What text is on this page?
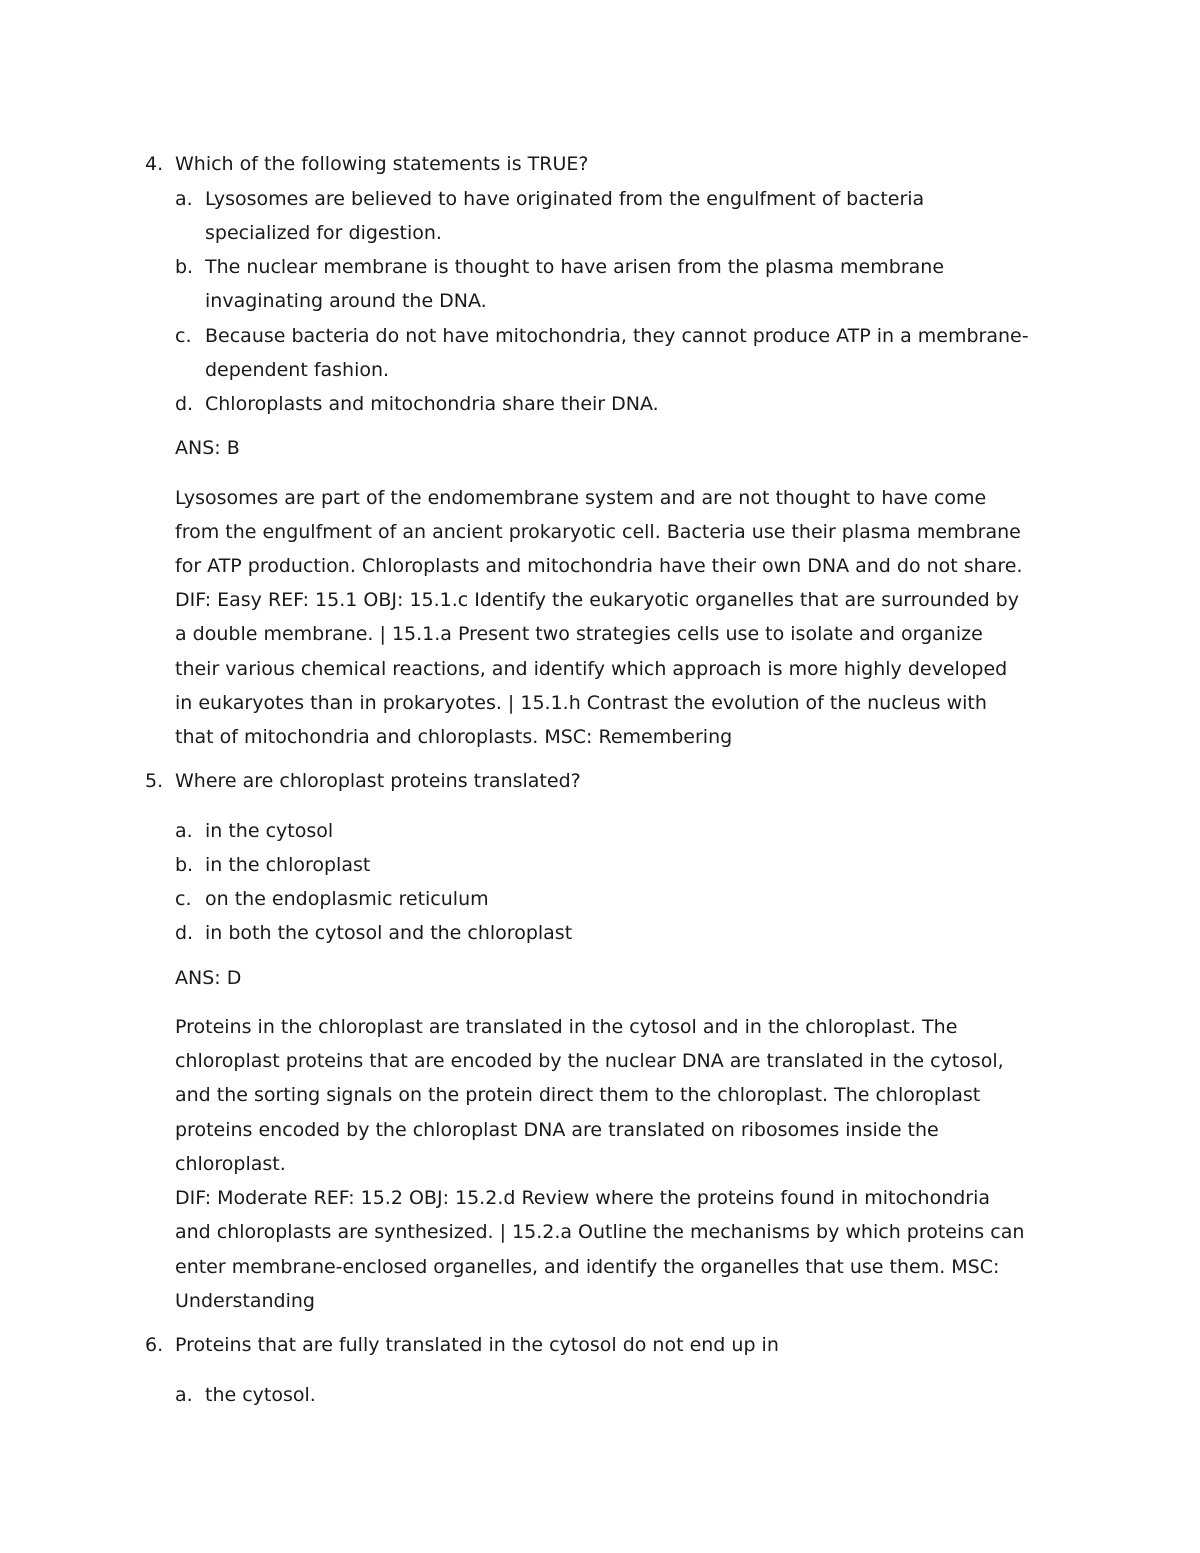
4. Which of the following statements is TRUE?
a. Lysosomes are believed to have originated from the engulfment of bacteria
specialized for digestion.
b. The nuclear membrane is thought to have arisen from the plasma membrane
invaginating around the DNA.
c. Because bacteria do not have mitochondria, they cannot produce ATP in a membrane-
dependent fashion.
d. Chloroplasts and mitochondria share their DNA.
ANS: B
Lysosomes are part of the endomembrane system and are not thought to have come
from the engulfment of an ancient prokaryotic cell. Bacteria use their plasma membrane
for ATP production. Chloroplasts and mitochondria have their own DNA and do not share.
DIF: Easy REF: 15.1 OBJ: 15.1.c Identify the eukaryotic organelles that are surrounded by
a double membrane. | 15.1.a Present two strategies cells use to isolate and organize
their various chemical reactions, and identify which approach is more highly developed
in eukaryotes than in prokaryotes. | 15.1.h Contrast the evolution of the nucleus with
that of mitochondria and chloroplasts. MSC: Remembering
5. Where are chloroplast proteins translated?
a. in the cytosol
b. in the chloroplast
c. on the endoplasmic reticulum
d. in both the cytosol and the chloroplast
ANS: D
Proteins in the chloroplast are translated in the cytosol and in the chloroplast. The
chloroplast proteins that are encoded by the nuclear DNA are translated in the cytosol,
and the sorting signals on the protein direct them to the chloroplast. The chloroplast
proteins encoded by the chloroplast DNA are translated on ribosomes inside the
chloroplast.
DIF: Moderate REF: 15.2 OBJ: 15.2.d Review where the proteins found in mitochondria
and chloroplasts are synthesized. | 15.2.a Outline the mechanisms by which proteins can
enter membrane-enclosed organelles, and identify the organelles that use them. MSC:
Understanding
6. Proteins that are fully translated in the cytosol do not end up in
a. the cytosol.
